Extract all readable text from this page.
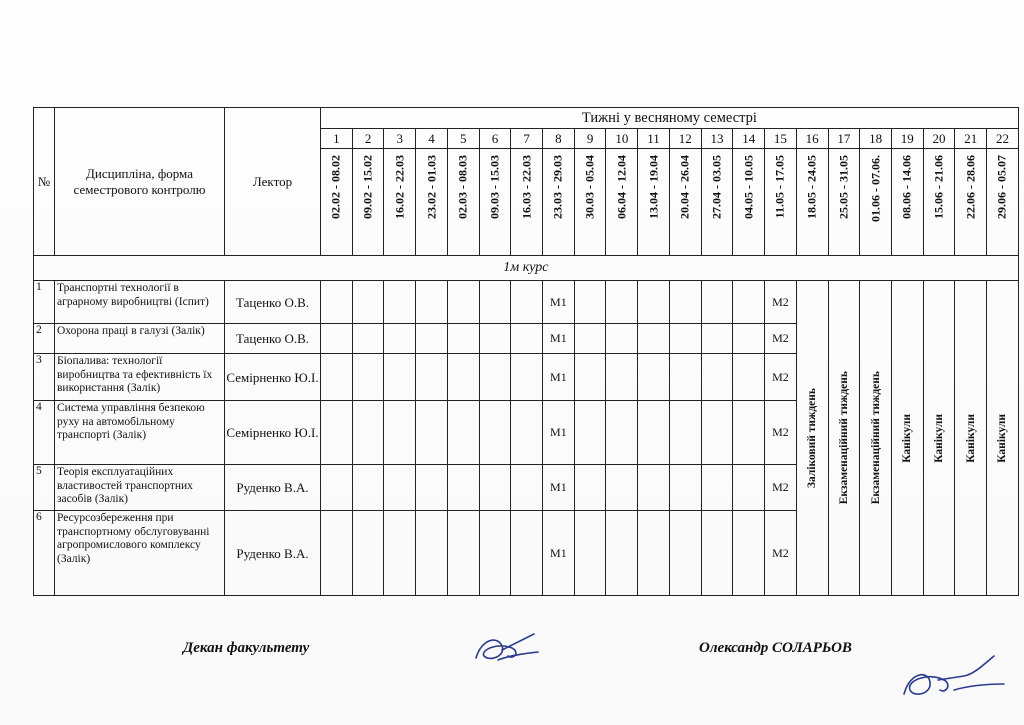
№	Дисципліна, форма семестрового контролю	Лектор	Тижні у весняному семестрі																					
			1	2	3	4	5	6	7	8	9	10	11	12	13	14	15	16	17	18	19	20	21	22

			02.02 - 08.02	09.02 - 15.02	16.02 - 22.03	23.02 - 01.03	02.03 - 08.03	09.03 - 15.03	16.03 - 22.03	23.03 - 29.03	30.03 - 05.04	06.04 - 12.04	13.04 - 19.04	20.04 - 26.04	27.04 - 03.05	04.05 - 10.05	11.05 - 17.05	18.05 - 24.05	25.05 - 31.05	01.06 - 07.06.	08.06 - 14.06	15.06 - 21.06	22.06 - 28.06	29.06 - 05.07

1м курс																								
1	Транспортні технології в аграрному виробництві (Іспит)	Таценко О.В.								М1							М2	Заліковий тиждень	Екзаменаційний тиждень	Екзаменаційний тиждень	Канікули	Канікули	Канікули	Канікули

2	Охорона праці в галузі (Залік)	Таценко О.В.								М1							М2							
3	Біопалива: технології виробництва та ефективність їх використання (Залік)	Семірненко Ю.І.								М1							М2							
4	Система управління безпекою руху на автомобільному транспорті (Залік)	Семірненко Ю.І.								М1							М2							
5	Теорія експлуатаційних властивостей транспортних засобів (Залік)	Руденко В.А.								М1							М2							
6	Ресурсозбереження при транспортному обслуговуванні агропромислового комплексу (Залік)	Руденко В.А.								М1							М2							
Декан факультету	Олександр СОЛАРЬОВ
